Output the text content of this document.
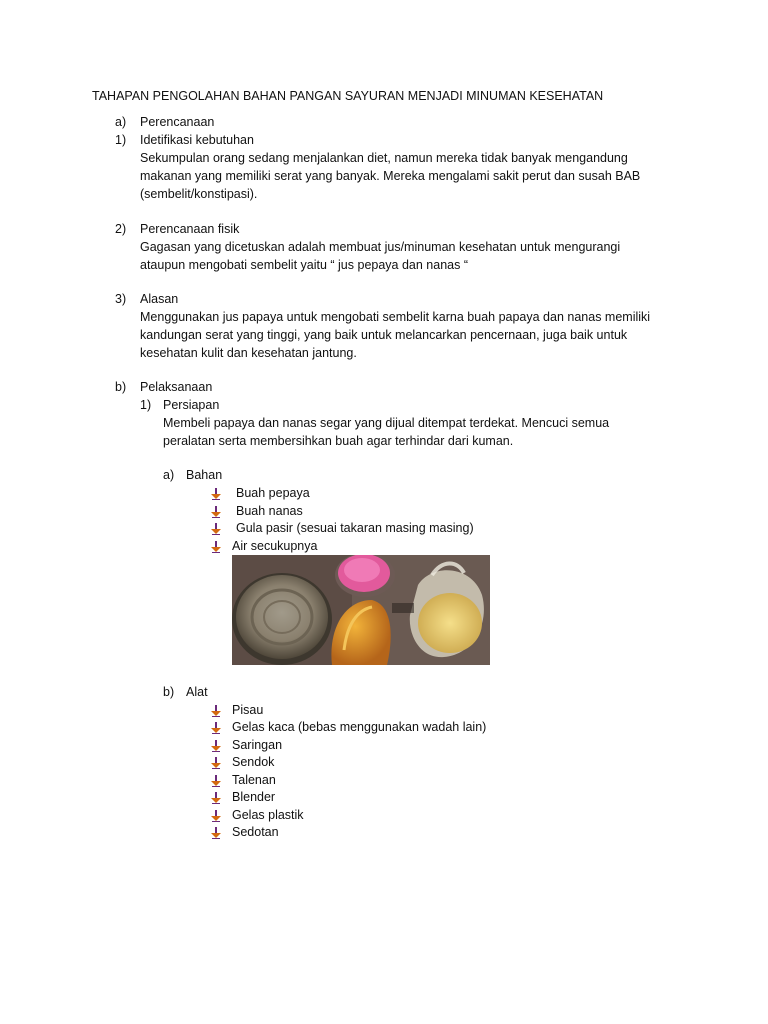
TAHAPAN PENGOLAHAN BAHAN PANGAN SAYURAN MENJADI MINUMAN KESEHATAN
a) Perencanaan
1) Idetifikasi kebutuhan
Sekumpulan orang sedang menjalankan diet, namun mereka tidak banyak mengandung
makanan yang memiliki serat yang banyak. Mereka mengalami sakit perut dan susah BAB
(sembelit/konstipasi).
2) Perencanaan fisik
Gagasan yang dicetuskan adalah membuat jus/minuman kesehatan untuk mengurangi
ataupun mengobati sembelit yaitu “ jus pepaya dan nanas “
3) Alasan
Menggunakan jus papaya untuk mengobati sembelit karna buah papaya dan nanas memiliki
kandungan serat yang tinggi, yang baik untuk melancarkan pencernaan, juga baik untuk
kesehatan kulit dan kesehatan jantung.
b) Pelaksanaan
1) Persiapan
Membeli papaya dan nanas segar yang dijual ditempat terdekat. Mencuci semua
peralatan serta membersihkan buah agar terhindar dari kuman.
a) Bahan
Buah pepaya
Buah nanas
Gula pasir (sesuai takaran masing masing)
Air secukupnya
b) Alat
Pisau
Gelas kaca (bebas menggunakan wadah lain)
Saringan
Sendok
Talenan
Blender
Gelas plastik
Sedotan
